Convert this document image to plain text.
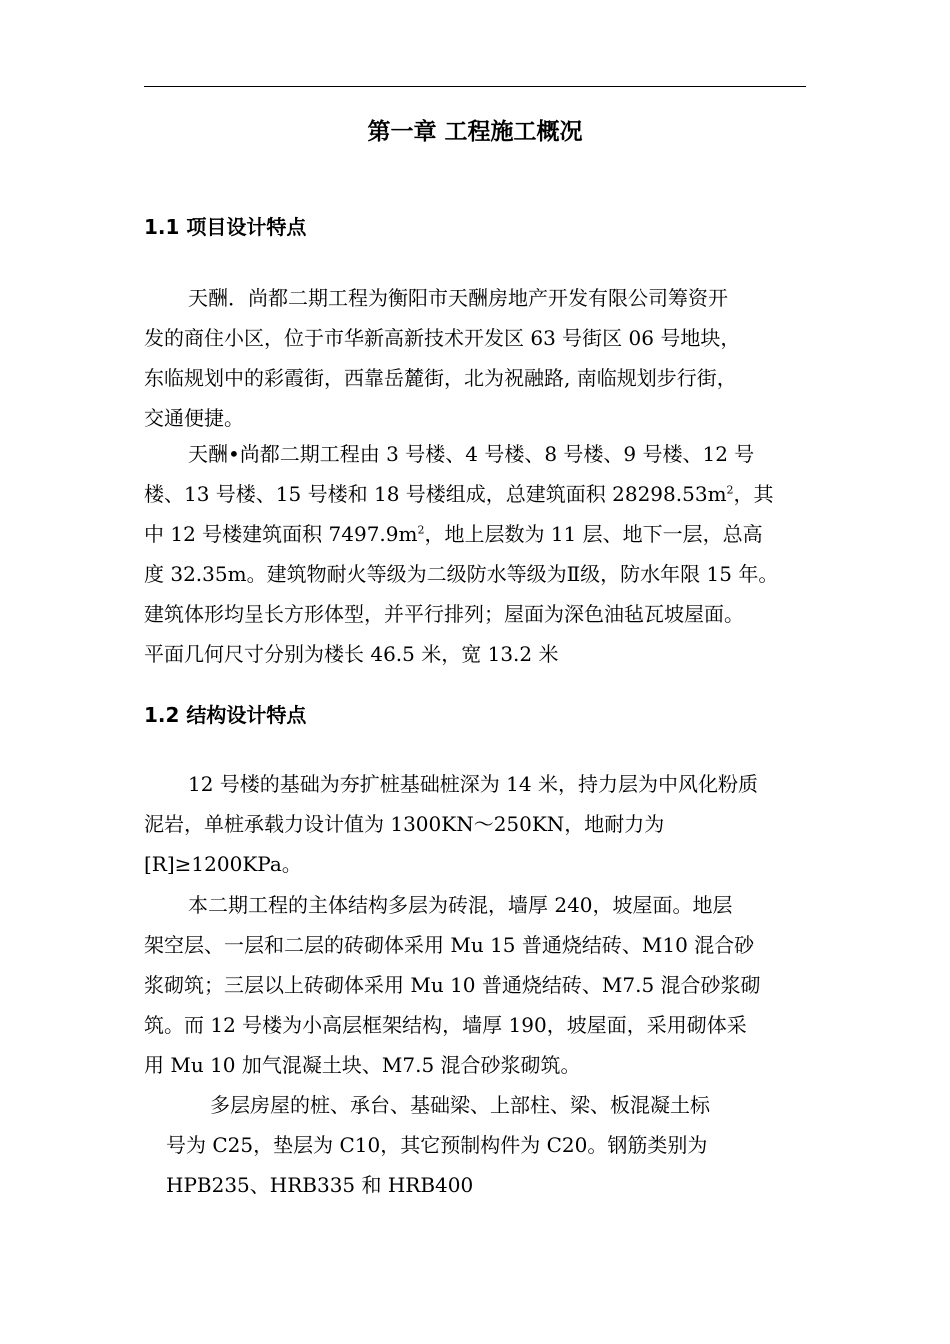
第一章 工程施工概况
1.1 项目设计特点
天酬．尚都二期工程为衡阳市天酬房地产开发有限公司筹资开
发的商住小区，位于市华新高新技术开发区 63 号街区 06 号地块，
东临规划中的彩霞街，西靠岳麓街，北为祝融路, 南临规划步行街，
交通便捷。
天酬•尚都二期工程由 3 号楼、4 号楼、8 号楼、9 号楼、12 号
楼、13 号楼、15 号楼和 18 号楼组成，总建筑面积 $28298.53m^2$，其
中 12 号楼建筑面积 $7497.9m^2$，地上层数为 11 层、地下一层，总高
度 32.35m。建筑物耐火等级为二级防水等级为Ⅱ级，防水年限 15 年。
建筑体形均呈长方形体型，并平行排列；屋面为深色油毡瓦坡屋面。
平面几何尺寸分别为楼长 46.5 米，宽 13.2 米
1.2 结构设计特点
12 号楼的基础为夯扩桩基础桩深为 14 米，持力层为中风化粉质
泥岩，单桩承载力设计值为 1300KN～250KN，地耐力为
[R]≥1200KPa。
本二期工程的主体结构多层为砖混，墙厚 240，坡屋面。地层
架空层、一层和二层的砖砌体采用 Mu 15 普通烧结砖、M10 混合砂
浆砌筑；三层以上砖砌体采用 Mu 10 普通烧结砖、M7.5 混合砂浆砌
筑。而 12 号楼为小高层框架结构，墙厚 190，坡屋面，采用砌体采
用 Mu 10 加气混凝土块、M7.5 混合砂浆砌筑。
多层房屋的桩、承台、基础梁、上部柱、梁、板混凝土标
号为 C25，垫层为 C10，其它预制构件为 C20。钢筋类别为
HPB235、HRB335 和 HRB400
